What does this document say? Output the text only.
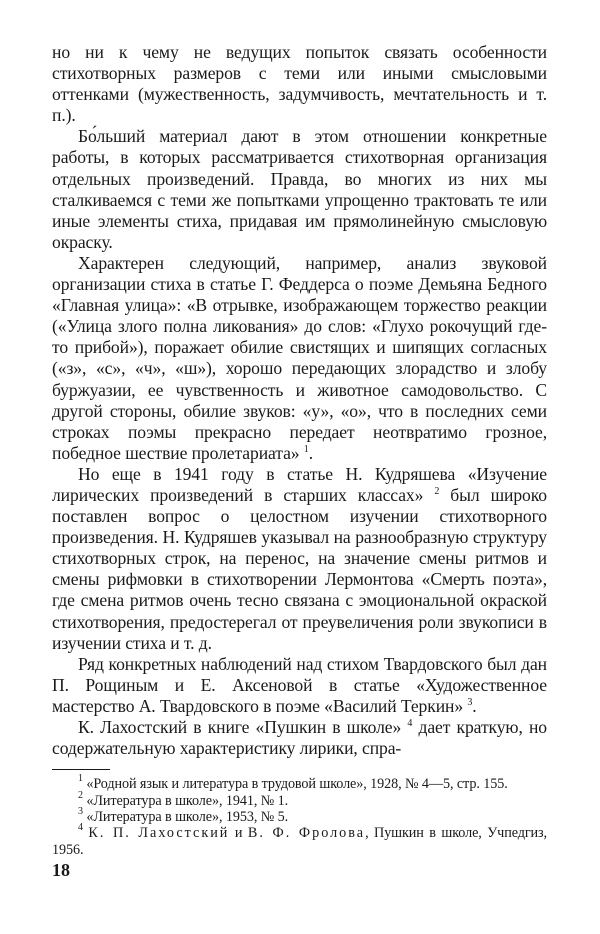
но ни к чему не ведущих попыток связать особенности стихотворных размеров с теми или иными смысловыми оттенками (мужественность, задумчивость, мечтательность и т. п.).

Бо́льший материал дают в этом отношении конкретные работы, в которых рассматривается стихотворная организация отдельных произведений. Правда, во многих из них мы сталкиваемся с теми же попытками упрощенно трактовать те или иные элементы стиха, придавая им прямолинейную смысловую окраску.

Характерен следующий, например, анализ звуковой организации стиха в статье Г. Феддерса о поэме Демьяна Бедного «Главная улица»: «В отрывке, изображающем торжество реакции («Улица злого полна ликования» до слов: «Глухо рокочущий где-то прибой»), поражает обилие свистящих и шипящих согласных («з», «с», «ч», «ш»), хорошо передающих злорадство и злобу буржуазии, ее чувственность и животное самодовольство. С другой стороны, обилие звуков: «у», «о», что в последних семи строках поэмы прекрасно передает неотвратимо грозное, победное шествие пролетариата» $^1$.

Но еще в 1941 году в статье Н. Кудряшева «Изучение лирических произведений в старших классах» $^2$ был широко поставлен вопрос о целостном изучении стихотворного произведения. Н. Кудряшев указывал на разнообразную структуру стихотворных строк, на перенос, на значение смены ритмов и смены рифмовки в стихотворении Лермонтова «Смерть поэта», где смена ритмов очень тесно связана с эмоциональной окраской стихотворения, предостерегал от преувеличения роли звукописи в изучении стиха и т. д.

Ряд конкретных наблюдений над стихом Твардовского был дан П. Рощиным и Е. Аксеновой в статье «Художественное мастерство А. Твардовского в поэме «Василий Теркин» $^3$.

К. Лахостский в книге «Пушкин в школе» $^4$ дает краткую, но содержательную характеристику лирики, спра-

$^1$ «Родной язык и литература в трудовой школе», 1928, № 4—5, стр. 155.

$^2$ «Литература в школе», 1941, № 1.

$^3$ «Литература в школе», 1953, № 5.

$^4$ К. П. Лахостский и В. Ф. Фролова, Пушкин в школе, Учпедгиз, 1956.

18
